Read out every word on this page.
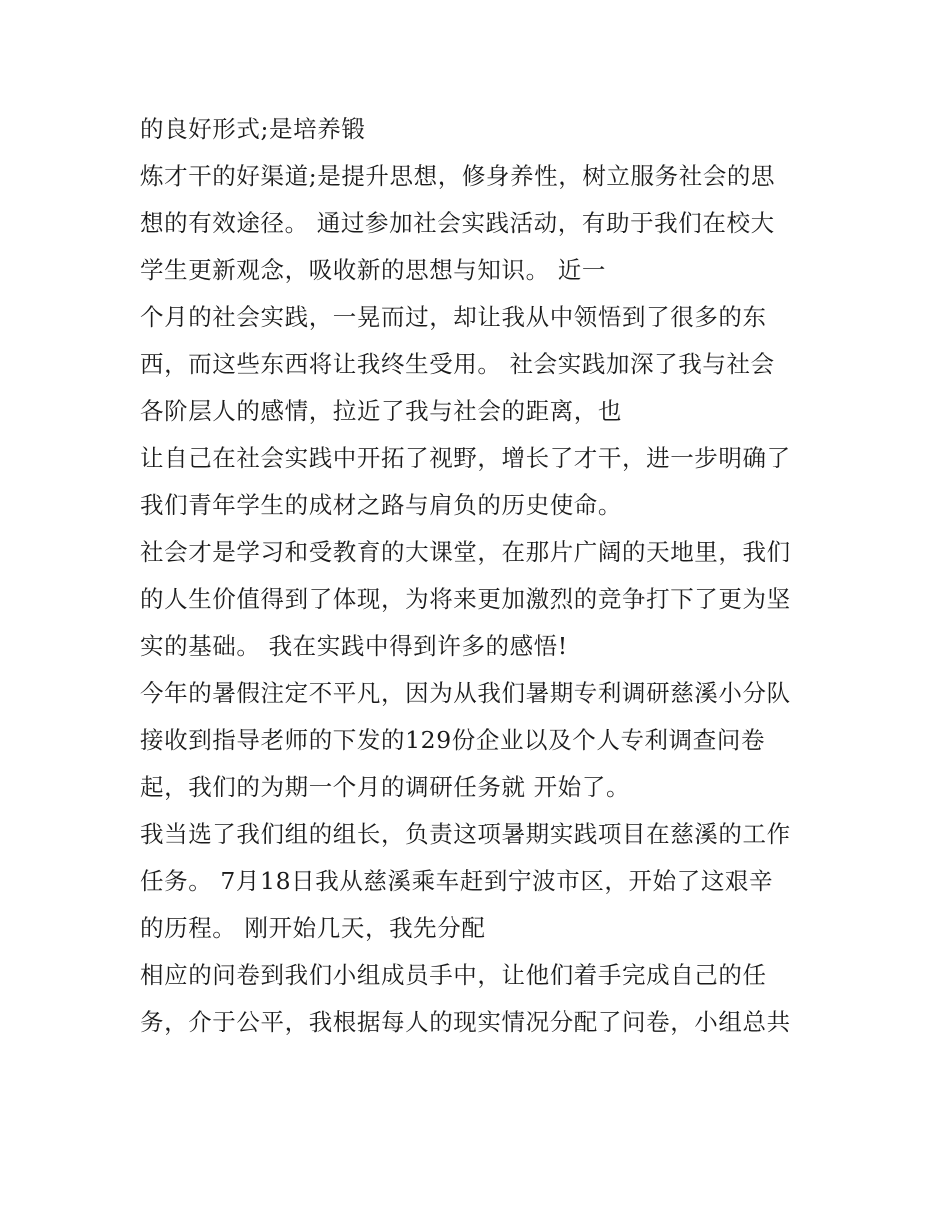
的良好形式;是培养锻
炼才干的好渠道;是提升思想，修身养性，树立服务社会的思
想的有效途径。 通过参加社会实践活动，有助于我们在校大
学生更新观念，吸收新的思想与知识。 近一
个月的社会实践，一晃而过，却让我从中领悟到了很多的东
西，而这些东西将让我终生受用。 社会实践加深了我与社会
各阶层人的感情，拉近了我与社会的距离，也
让自己在社会实践中开拓了视野，增长了才干，进一步明确了
我们青年学生的成材之路与肩负的历史使命。
社会才是学习和受教育的大课堂，在那片广阔的天地里，我们
的人生价值得到了体现，为将来更加激烈的竞争打下了更为坚
实的基础。 我在实践中得到许多的感悟!
今年的暑假注定不平凡，因为从我们暑期专利调研慈溪小分队
接收到指导老师的下发的129份企业以及个人专利调查问卷
起，我们的为期一个月的调研任务就 开始了。
我当选了我们组的组长，负责这项暑期实践项目在慈溪的工作
任务。 7月18日我从慈溪乘车赶到宁波市区，开始了这艰辛
的历程。 刚开始几天，我先分配
相应的问卷到我们小组成员手中，让他们着手完成自己的任
务，介于公平，我根据每人的现实情况分配了问卷，小组总共
